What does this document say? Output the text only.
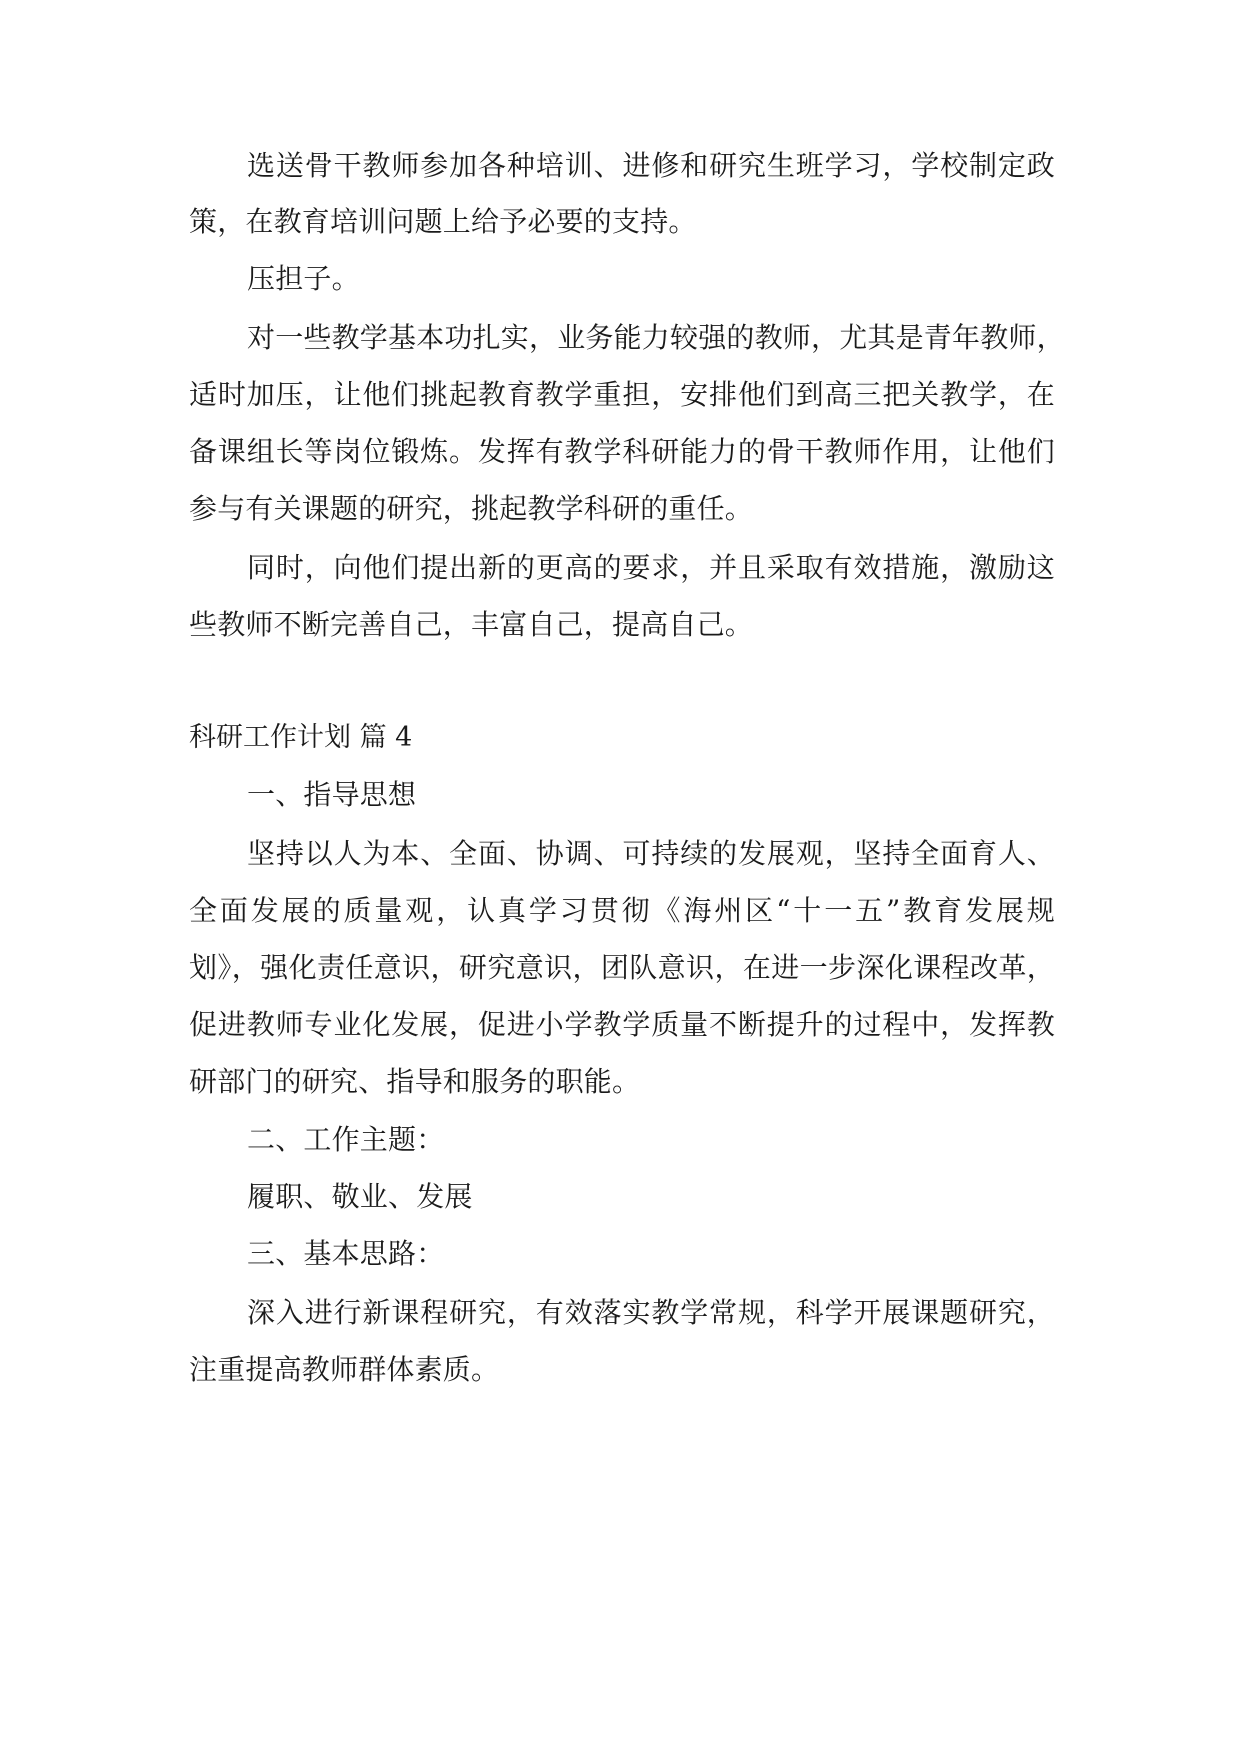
选送骨干教师参加各种培训、进修和研究生班学习，学校制定政
策，在教育培训问题上给予必要的支持。
压担子。
对一些教学基本功扎实，业务能力较强的教师，尤其是青年教师，
适时加压，让他们挑起教育教学重担，安排他们到高三把关教学，在
备课组长等岗位锻炼。发挥有教学科研能力的骨干教师作用，让他们
参与有关课题的研究，挑起教学科研的重任。
同时，向他们提出新的更高的要求，并且采取有效措施，激励这
些教师不断完善自己，丰富自己，提高自己。
科研工作计划 篇 4
一、指导思想
坚持以人为本、全面、协调、可持续的发展观，坚持全面育人、
全面发展的质量观，认真学习贯彻《海州区“十一五”教育发展规
划》，强化责任意识，研究意识，团队意识，在进一步深化课程改革，
促进教师专业化发展，促进小学教学质量不断提升的过程中，发挥教
研部门的研究、指导和服务的职能。
二、工作主题：
履职、敬业、发展
三、基本思路：
深入进行新课程研究，有效落实教学常规，科学开展课题研究，
注重提高教师群体素质。
